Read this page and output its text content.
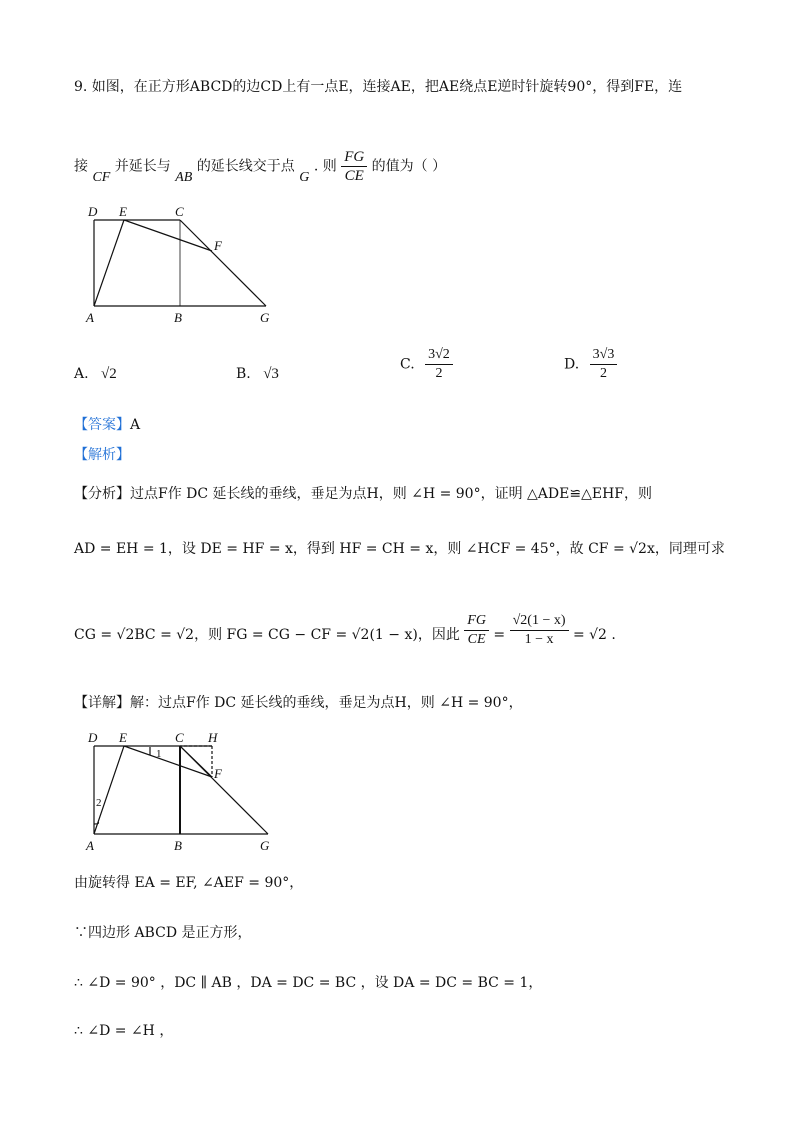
9. 如图，在正方形ABCD的边CD上有一点E，连接AE，把AE绕点E逆时针旋转90°，得到FE，连
接 CF 并延长与 AB 的延长线交于点 G . 则 $\frac{FG}{CE}$ 的值为（ ）
D E	C
F
A	B	G
A. √2	B. √3
C. $\frac{3√2}{2}$	D. $\frac{3√3}{2}$
【答案】A
【解析】
【分析】过点F作 DC 延长线的垂线，垂足为点H，则 ∠H = 90°，证明 △ADE≌△EHF，则
AD = EH = 1，设 DE = HF = x，得到 HF = CH = x，则 ∠HCF = 45°，故 CF = √2x，同理可求
CG = √2BC = √2，则 FG = CG − CF = √2(1 − x)，因此 $\frac{FG}{CE} = \frac{√2(1 - x)}{1 - x} = √2$ .
【详解】解：过点F作 DC 延长线的垂线，垂足为点H，则 ∠H = 90°，
D E	C H
F
A	B	G
1
2
由旋转得 EA = EF, ∠AEF = 90°，
∵四边形 ABCD 是正方形，
∴ ∠D = 90° ，DC ∥ AB ，DA = DC = BC ，设 DA = DC = BC = 1，
∴ ∠D = ∠H ，
